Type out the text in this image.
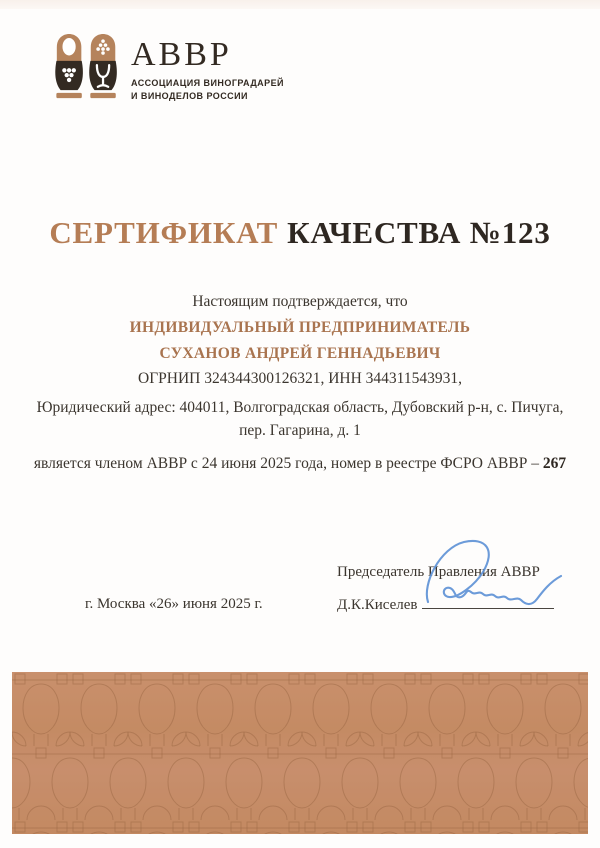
АВВР
АССОЦИАЦИЯ ВИНОГРАДАРЕЙ
И ВИНОДЕЛОВ РОССИИ
СЕРТИФИКАТ КАЧЕСТВА №123
Настоящим подтверждается, что
ИНДИВИДУАЛЬНЫЙ ПРЕДПРИНИМАТЕЛЬ
СУХАНОВ АНДРЕЙ ГЕННАДЬЕВИЧ
ОГРНИП 324344300126321, ИНН 344311543931,
Юридический адрес: 404011, Волгоградская область, Дубовский р-н, с. Пичуга, пер. Гагарина, д. 1
является членом АВВР с 24 июня 2025 года, номер в реестре ФСРО АВВР – 267
Председатель Правления АВВР
Д.К.Киселев
г. Москва «26» июня 2025 г.
